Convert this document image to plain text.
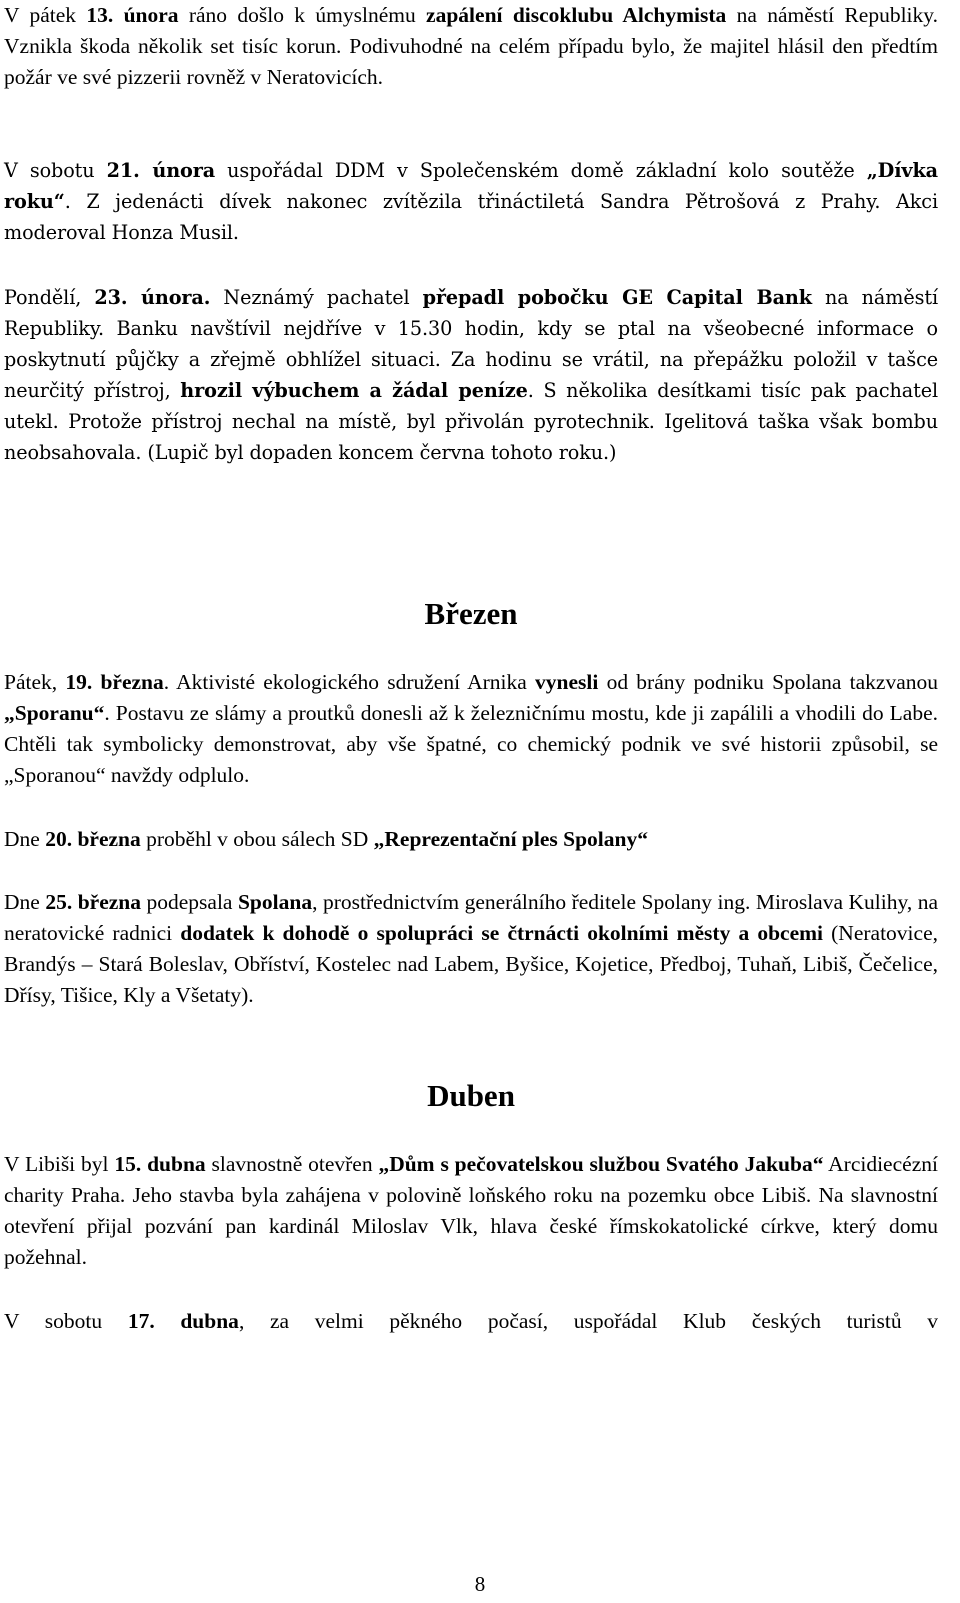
V pátek 13. února ráno došlo k úmyslnému zapálení discoklubu Alchymista na náměstí Republiky. Vznikla škoda několik set tisíc korun. Podivuhodné na celém případu bylo, že majitel hlásil den předtím požár ve své pizzerii rovněž v Neratovicích.

V sobotu 21. února uspořádal DDM v Společenském domě základní kolo soutěže „Dívka roku“. Z jedenácti dívek nakonec zvítězila třináctiletá Sandra Pětrošová z Prahy. Akci moderoval Honza Musil.

Pondělí, 23. února. Neznámý pachatel přepadl pobočku GE Capital Bank na náměstí Republiky. Banku navštívil nejdříve v 15.30 hodin, kdy se ptal na všeobecné informace o poskytnutí půjčky a zřejmě obhlížel situaci. Za hodinu se vrátil, na přepážku položil v tašce neurčitý přístroj, hrozil výbuchem a žádal peníze. S několika desítkami tisíc pak pachatel utekl. Protože přístroj nechal na místě, byl přivolán pyrotechnik. Igelitová taška však bombu neobsahovala. (Lupič byl dopaden koncem června tohoto roku.)

Březen

Pátek, 19. března. Aktivisté ekologického sdružení Arnika vynesli od brány podniku Spolana takzvanou „Sporanu“. Postavu ze slámy a proutků donesli až k železničnímu mostu, kde ji zapálili a vhodili do Labe. Chtěli tak symbolicky demonstrovat, aby vše špatné, co chemický podnik ve své historii způsobil, se „Sporanou“ navždy odplulo.

Dne 20. března proběhl v obou sálech SD „Reprezentační ples Spolany“

Dne 25. března podepsala Spolana, prostřednictvím generálního ředitele Spolany ing. Miroslava Kulihy, na neratovické radnici dodatek k dohodě o spolupráci se čtrnácti okolními městy a obcemi (Neratovice, Brandýs – Stará Boleslav, Obříství, Kostelec nad Labem, Byšice, Kojetice, Předboj, Tuhaň, Libiš, Čečelice, Dřísy, Tišice, Kly a Všetaty).

Duben

V Libiši byl 15. dubna slavnostně otevřen „Dům s pečovatelskou službou Svatého Jakuba“ Arcidiecézní charity Praha. Jeho stavba byla zahájena v polovině loňského roku na pozemku obce Libiš. Na slavnostní otevření přijal pozvání pan kardinál Miloslav Vlk, hlava české římskokatolické církve, který domu požehnal.

V sobotu 17. dubna, za velmi pěkného počasí, uspořádal Klub českých turistů v

8
